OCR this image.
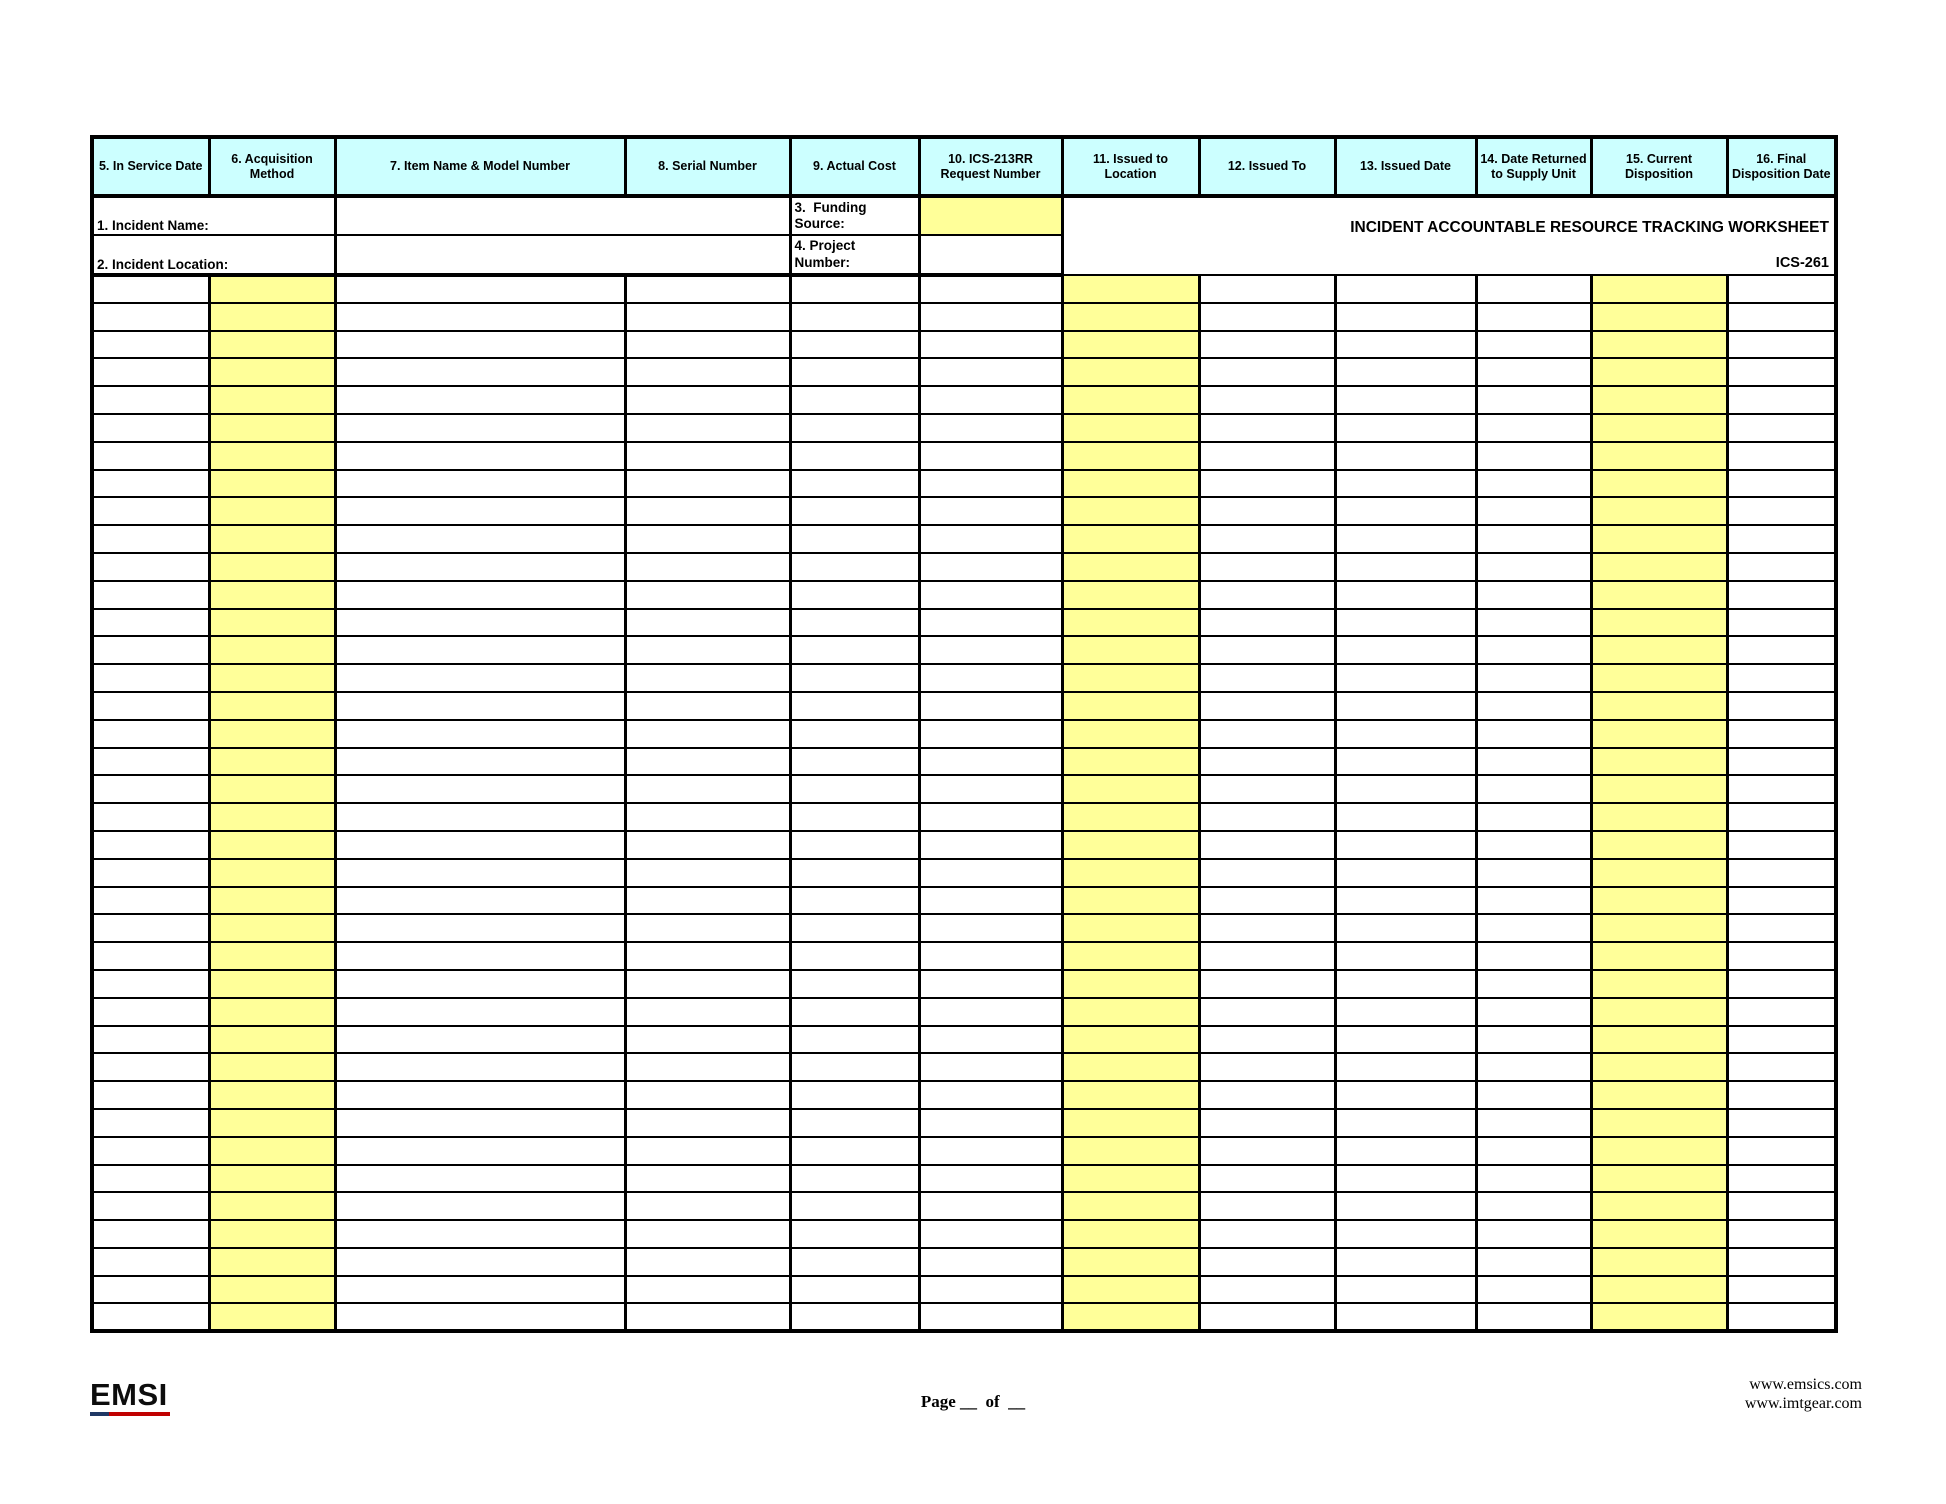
1. Incident Name:				3.  Funding Source:		INCIDENT ACCOUNTABLE RESOURCE TRACKING WORKSHEET
ICS-261					

2. Incident Location:				4. Project Number:							
5. In Service Date	6. Acquisition Method	7. Item Name & Model Number	8. Serial Number	9. Actual Cost	10. ICS-213RR Request Number	11. Issued to Location	12. Issued To	13. Issued Date	14. Date Returned to Supply Unit	15. Current Disposition	16. Final Disposition Date

EMSI	Page __  of  __
www.emsics.com
www.imtgear.com
